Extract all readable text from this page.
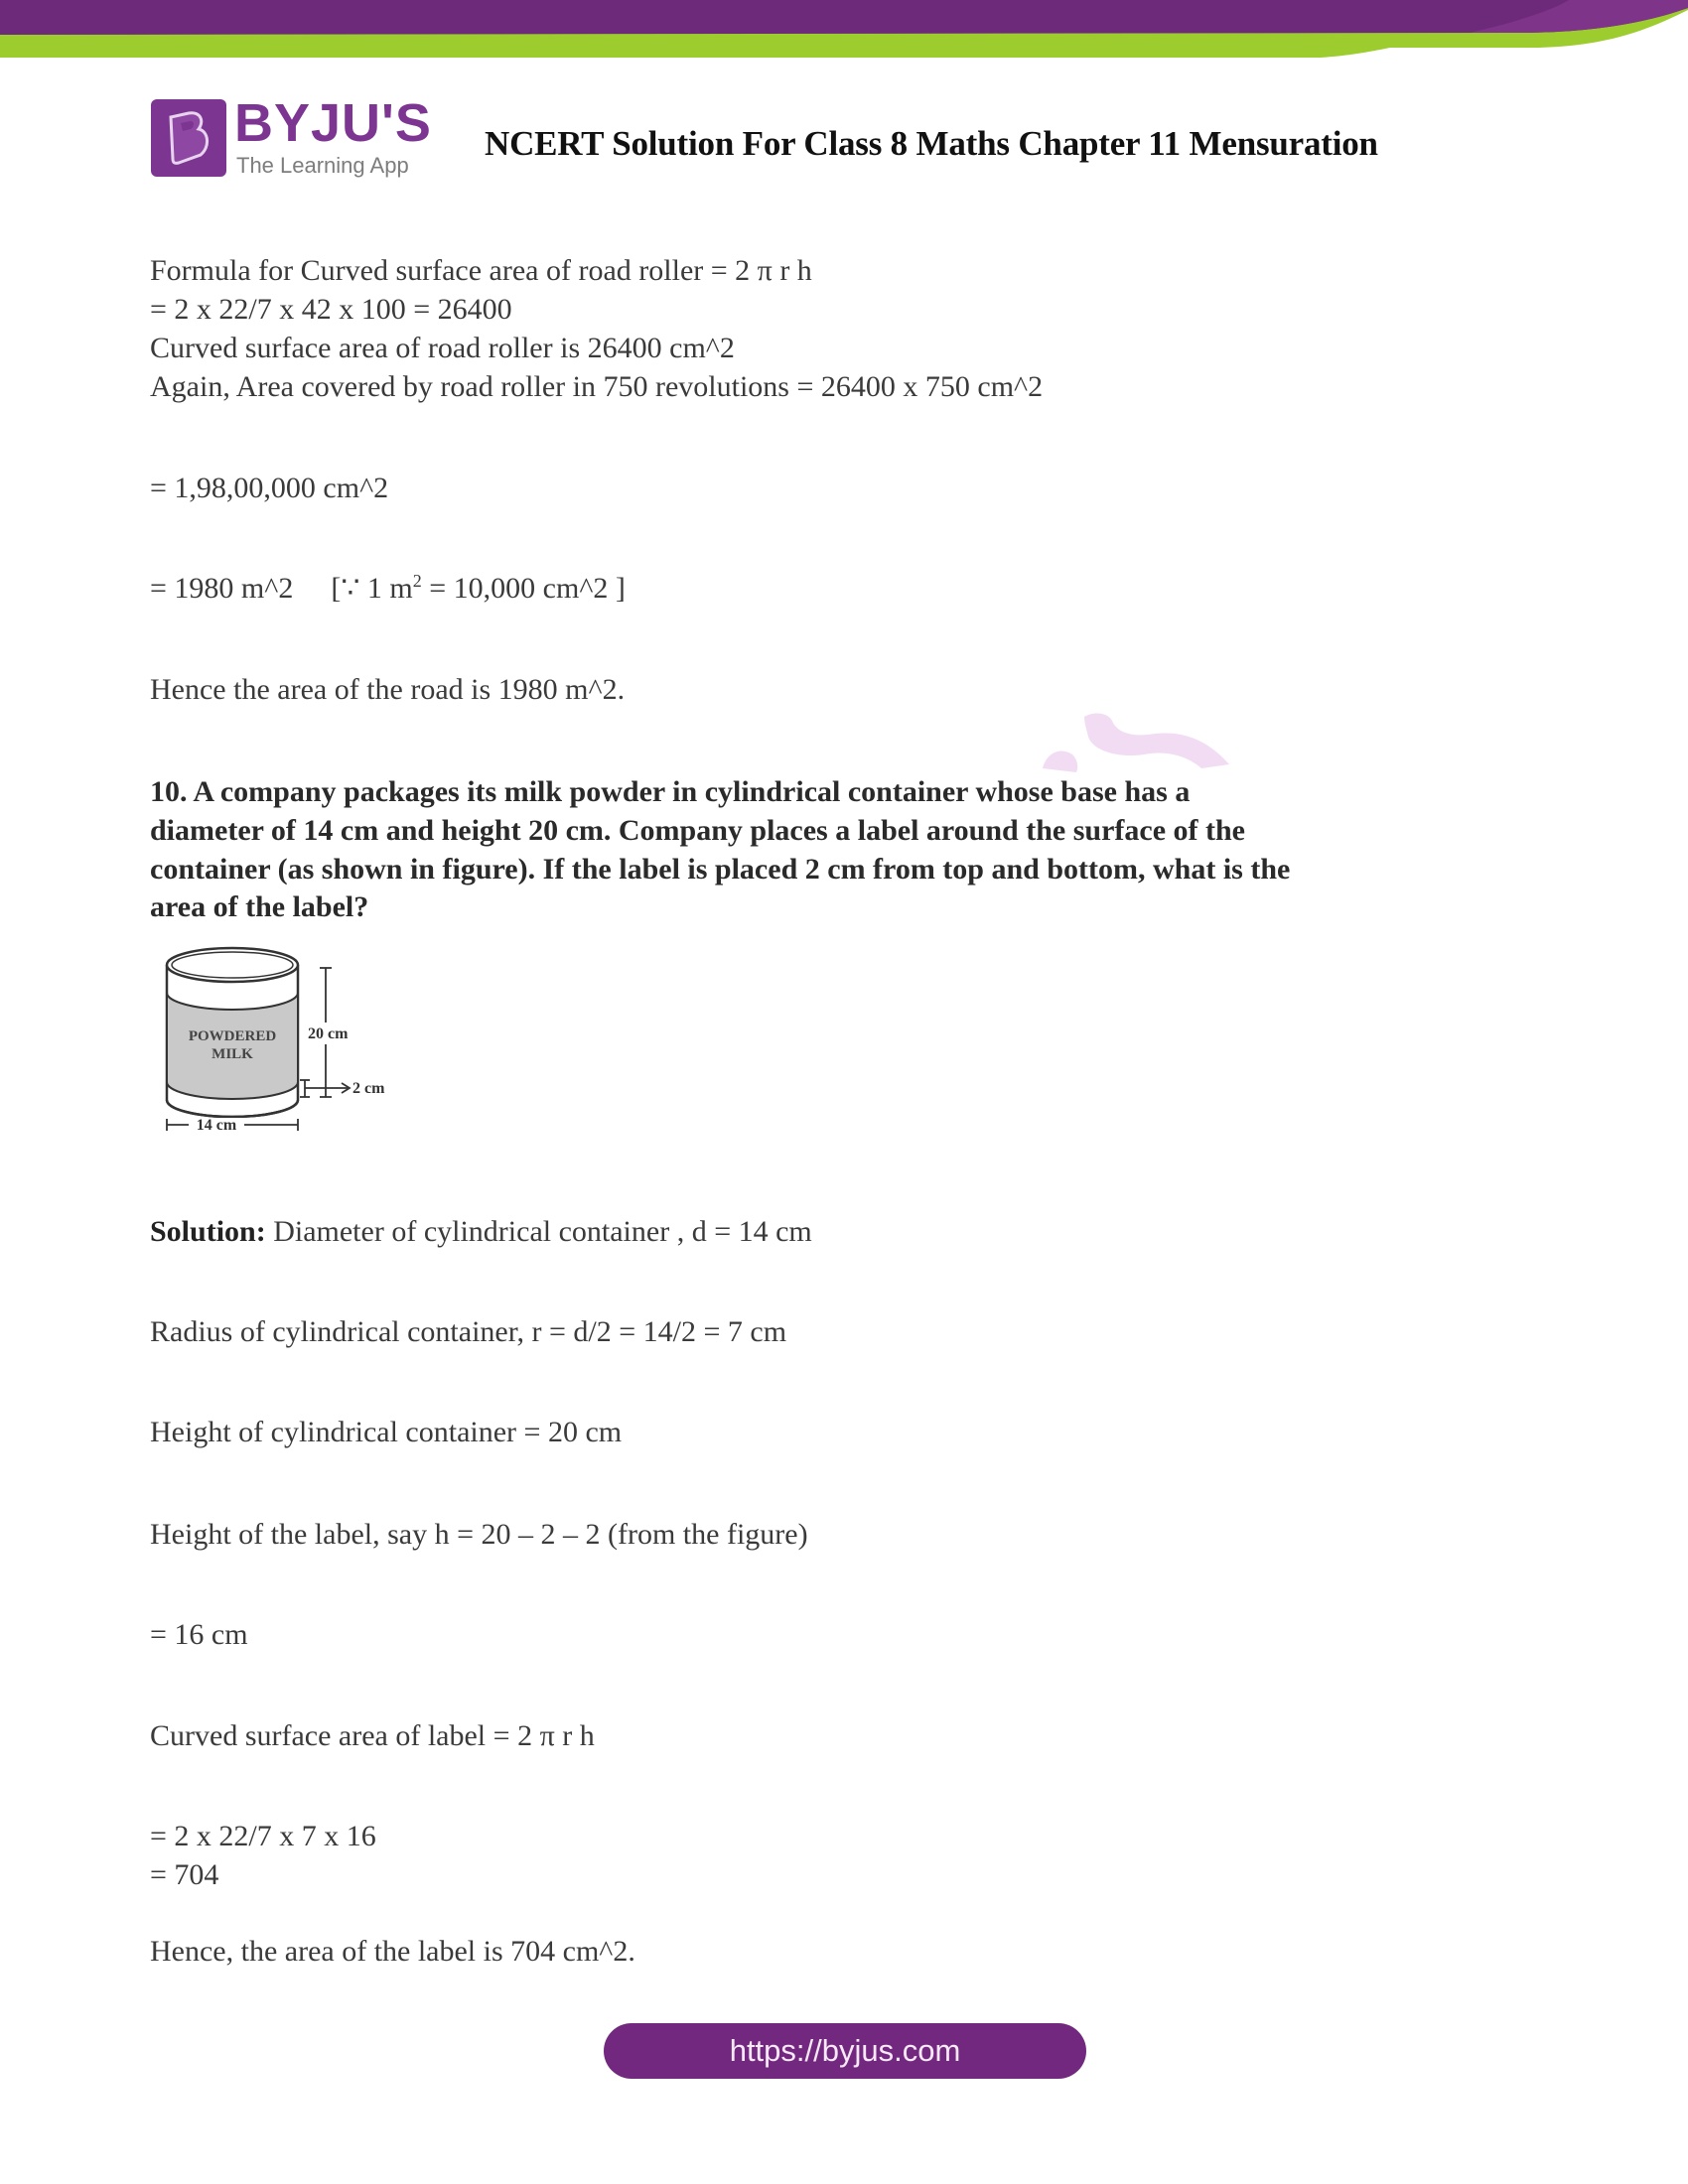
BYJU'S
The Learning App
NCERT Solution For Class 8 Maths Chapter 11 Mensuration
Formula for Curved surface area of road roller = 2 π r h
= 2 x 22/7 x 42 x 100 = 26400
Curved surface area of road roller is 26400 cm^2
Again, Area covered by road roller in 750 revolutions = 26400 x 750 cm^2
= 1,98,00,000 cm^2
= 1980 m^2 [∵ 1 $m^2 = 10,000$ cm^2 ]
Hence the area of the road is 1980 m^2.
10. A company packages its milk powder in cylindrical container whose base has a
diameter of 14 cm and height 20 cm. Company places a label around the surface of the
container (as shown in figure). If the label is placed 2 cm from top and bottom, what is the
area of the label?
POWDERED
MILK
20 cm
2 cm
14 cm
Solution: Diameter of cylindrical container , d = 14 cm
Radius of cylindrical container, r = d/2 = 14/2 = 7 cm
Height of cylindrical container = 20 cm
Height of the label, say h = 20 – 2 – 2 (from the figure)
= 16 cm
Curved surface area of label = 2 π r h
= 2 x 22/7 x 7 x 16
= 704
Hence, the area of the label is 704 cm^2.
https://byjus.com
